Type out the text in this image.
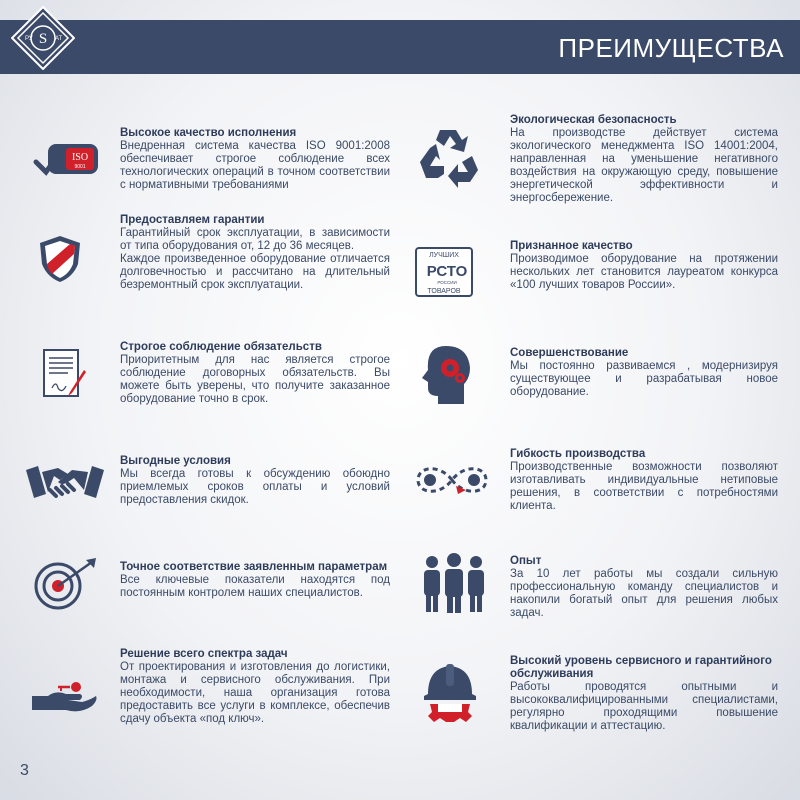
ПРЕИМУЩЕСТВА
S
РУ	АТ
ISO
9001

Высокое качество исполнения

Внедренная система качества ISO 9001:2008 обеспечивает строгое соблюдение всех технологических операций в точном соответствии с нормативными требованиями

Предоставляем гарантии

Гарантийный срок эксплуатации, в зависимости от типа оборудования от, 12 до 36 месяцев.

Каждое произведенное оборудование отличается долговечностью и рассчитано на длительный безремонтный срок эксплуатации.

Строгое соблюдение обязательств

Приоритетным для нас является строгое соблюдение договорных обязательств. Вы можете быть уверены, что получите заказанное оборудование точно в срок.

Выгодные условия

Мы всегда готовы к обсуждению обоюдно приемлемых сроков оплаты и условий предоставления скидок.

Точное соответствие заявленным параметрам

Все ключевые показатели находятся под постоянным контролем наших специалистов.

Решение всего спектра задач

От проектирования и изготовления до логистики, монтажа и сервисного обслуживания. При необходимости, наша организация готова предоставить все услуги в комплексе, обеспечив сдачу объекта «под ключ».

Экологическая безопасность

На производстве действует система экологического менеджмента ISO 14001:2004, направленная на уменьшение негативного воздействия на окружающую среду, повышение энергетической эффективности и энергосбережение.

ЛУЧШИХ
РСТО
РОССИИ
ТОВАРОВ

Признанное качество

Производимое оборудование на протяжении нескольких лет становится лауреатом конкурса «100 лучших товаров России».

Совершенствование

Мы постоянно развиваемся , модернизируя существующее и разрабатывая новое оборудование.

Гибкость производства

Производственные возможности позволяют изготавливать индивидуальные нетиповые решения, в соответствии с потребностями клиента.

Опыт

За 10 лет работы мы создали сильную профессиональную команду специалистов и накопили богатый опыт для решения любых задач.

Высокий уровень сервисного и гарантийного обслуживания

Работы проводятся опытными и высококвалифицированными специалистами, регулярно проходящими повышение квалификации и аттестацию.

3
